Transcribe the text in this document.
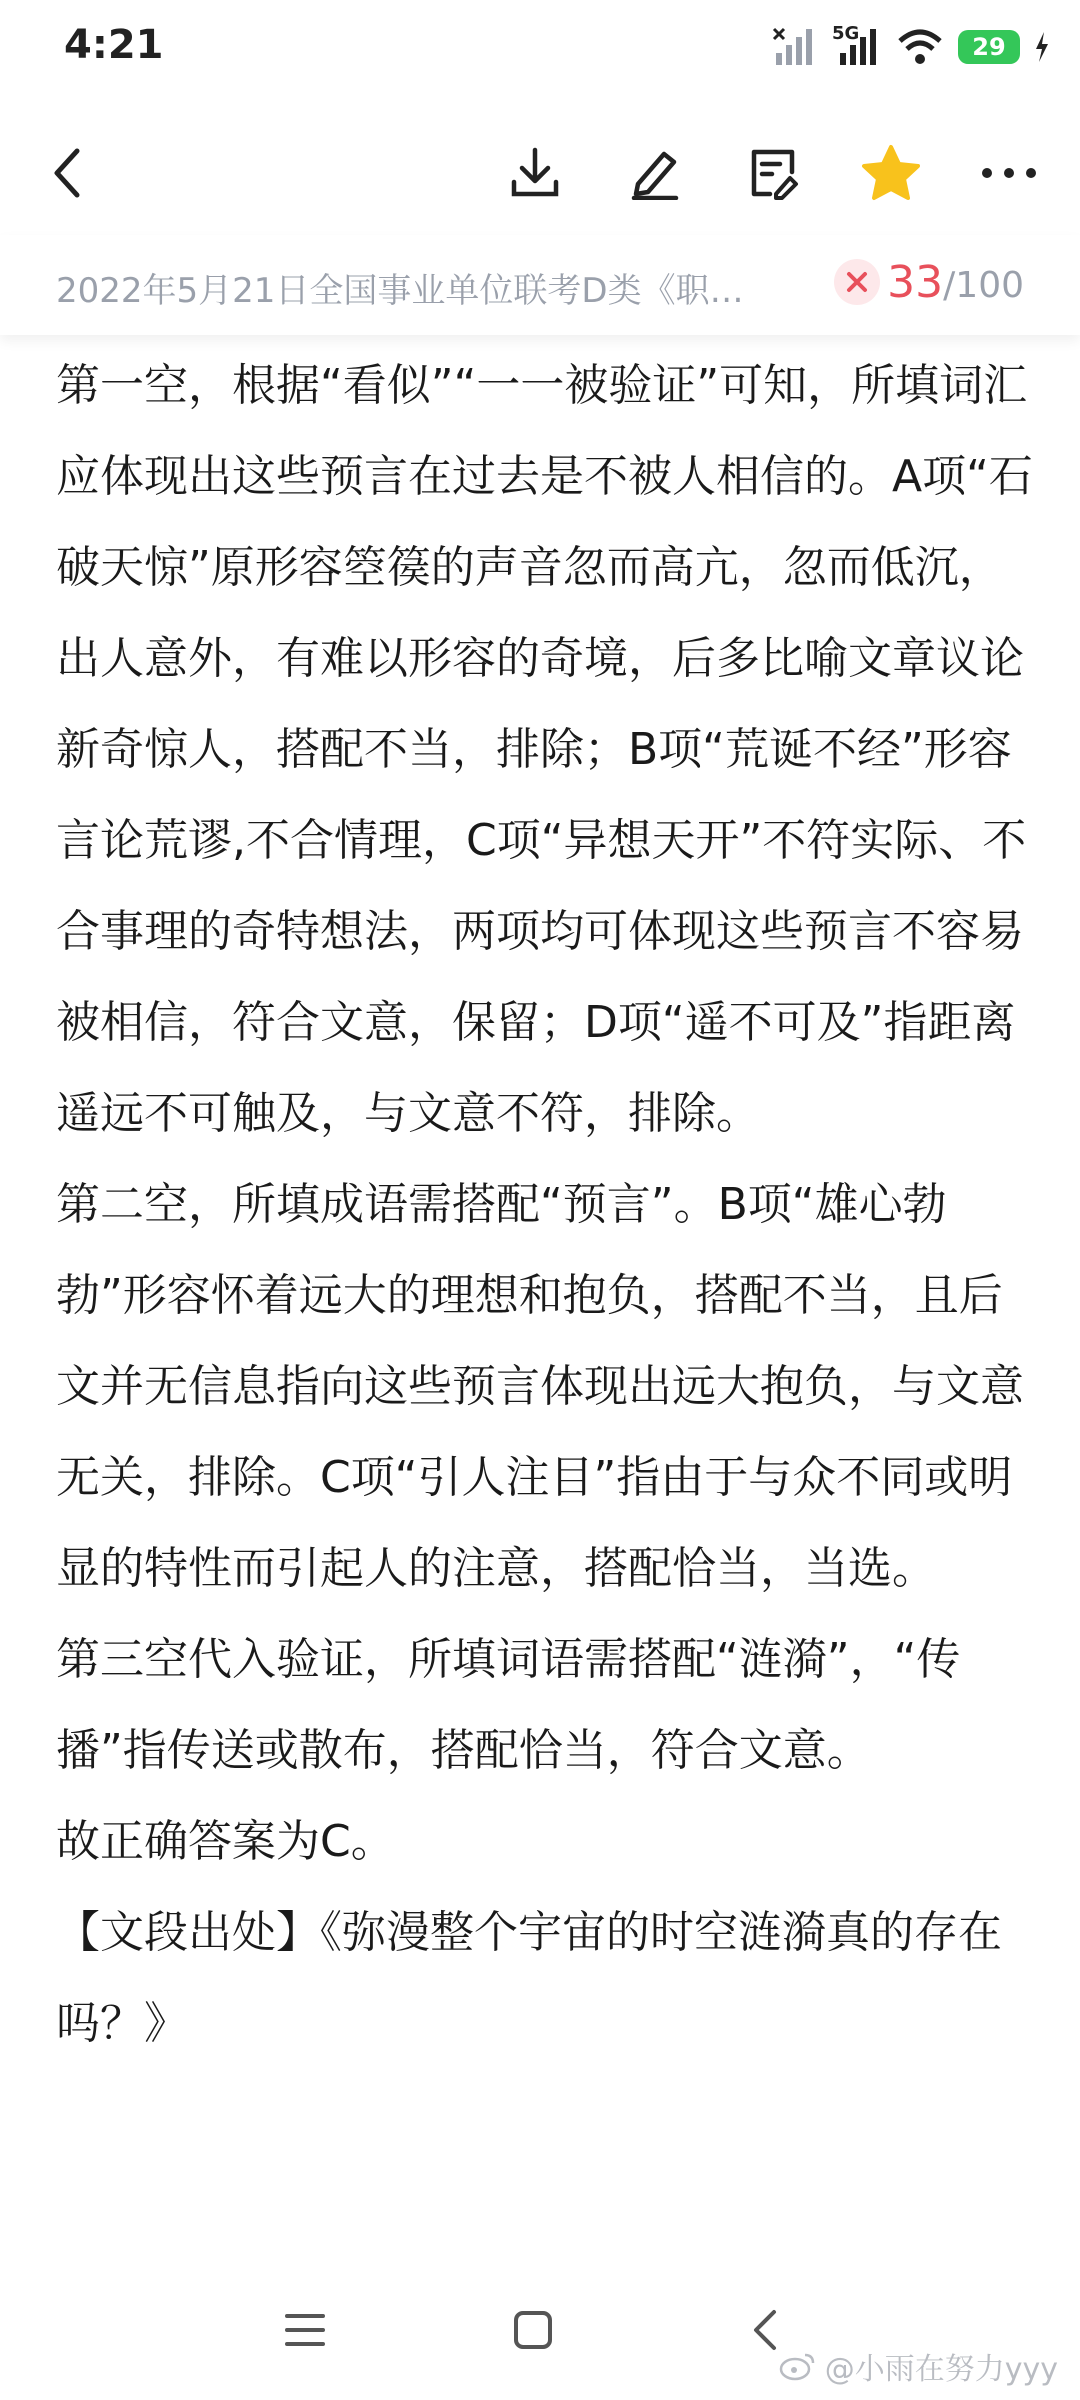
4:21	5G	29
2022年5月21日全国事业单位联考D类《职…	33/100

第一空，根据“看似”“一一被验证”可知，所填词汇应体现出这些预言在过去是不被人相信的。A项“石破天惊”原形容箜篌的声音忽而高亢，忽而低沉，出人意外，有难以形容的奇境，后多比喻文章议论新奇惊人，搭配不当，排除；B项“荒诞不经”形容言论荒谬,不合情理，C项“异想天开”不符实际、不合事理的奇特想法，两项均可体现这些预言不容易被相信，符合文意，保留；D项“遥不可及”指距离遥远不可触及，与文意不符，排除。

第二空，所填成语需搭配“预言”。B项“雄心勃勃”形容怀着远大的理想和抱负，搭配不当，且后文并无信息指向这些预言体现出远大抱负，与文意无关，排除。C项“引人注目”指由于与众不同或明显的特性而引起人的注意，搭配恰当，当选。

第三空代入验证，所填词语需搭配“涟漪”，“传播”指传送或散布，搭配恰当，符合文意。

故正确答案为C。

【文段出处】《弥漫整个宇宙的时空涟漪真的存在吗？》

@小雨在努力yyy
